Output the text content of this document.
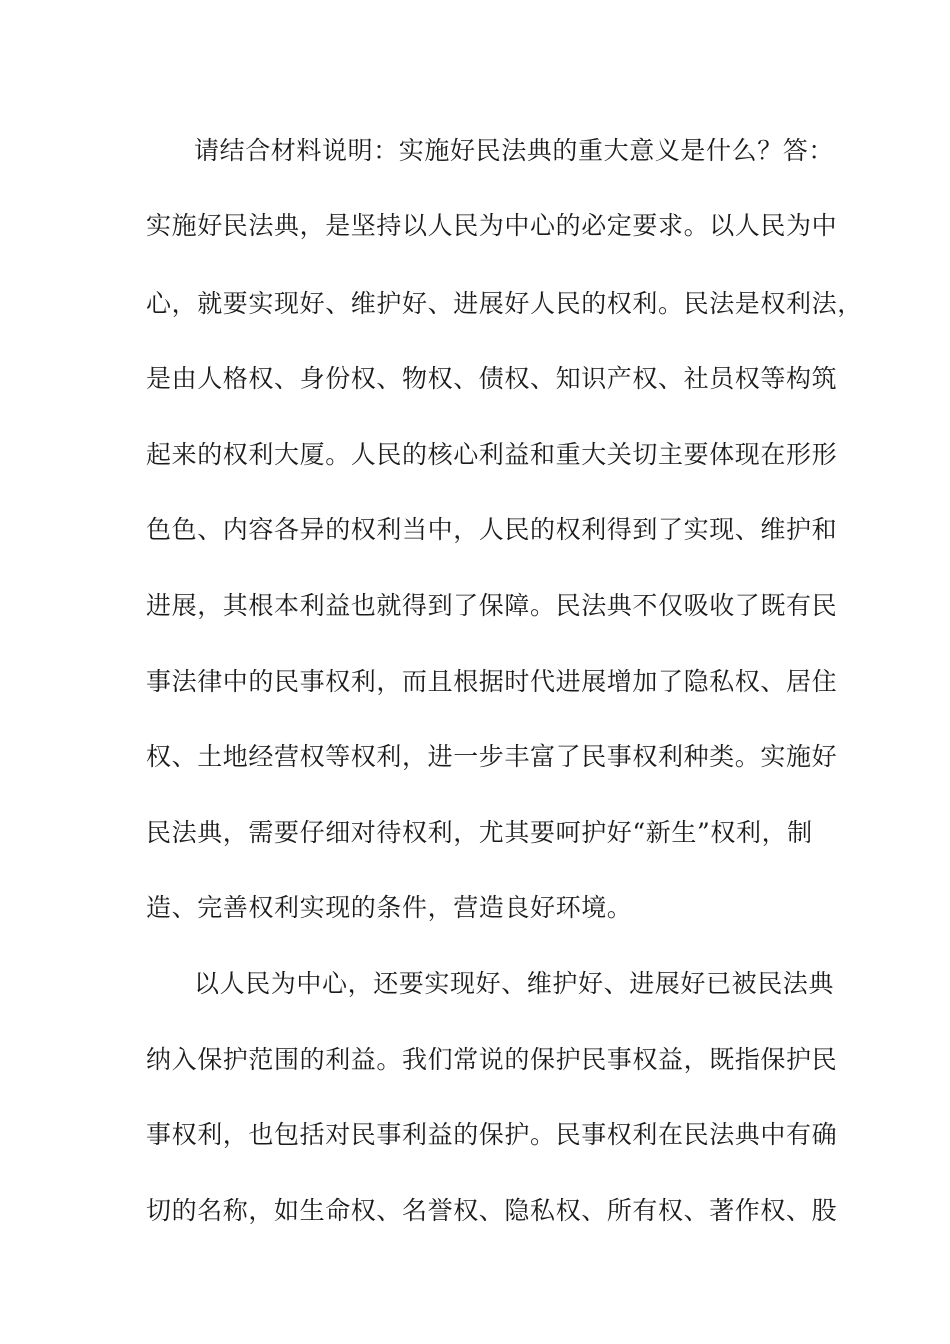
请结合材料说明：实施好民法典的重大意义是什么？答：
实施好民法典，是坚持以人民为中心的必定要求。以人民为中
心，就要实现好、维护好、进展好人民的权利。民法是权利法，
是由人格权、身份权、物权、债权、知识产权、社员权等构筑
起来的权利大厦。人民的核心利益和重大关切主要体现在形形
色色、内容各异的权利当中，人民的权利得到了实现、维护和
进展，其根本利益也就得到了保障。民法典不仅吸收了既有民
事法律中的民事权利，而且根据时代进展增加了隐私权、居住
权、土地经营权等权利，进一步丰富了民事权利种类。实施好
民法典，需要仔细对待权利，尤其要呵护好“新生”权利，制
造、完善权利实现的条件，营造良好环境。
以人民为中心，还要实现好、维护好、进展好已被民法典
纳入保护范围的利益。我们常说的保护民事权益，既指保护民
事权利，也包括对民事利益的保护。民事权利在民法典中有确
切的名称，如生命权、名誉权、隐私权、所有权、著作权、股
